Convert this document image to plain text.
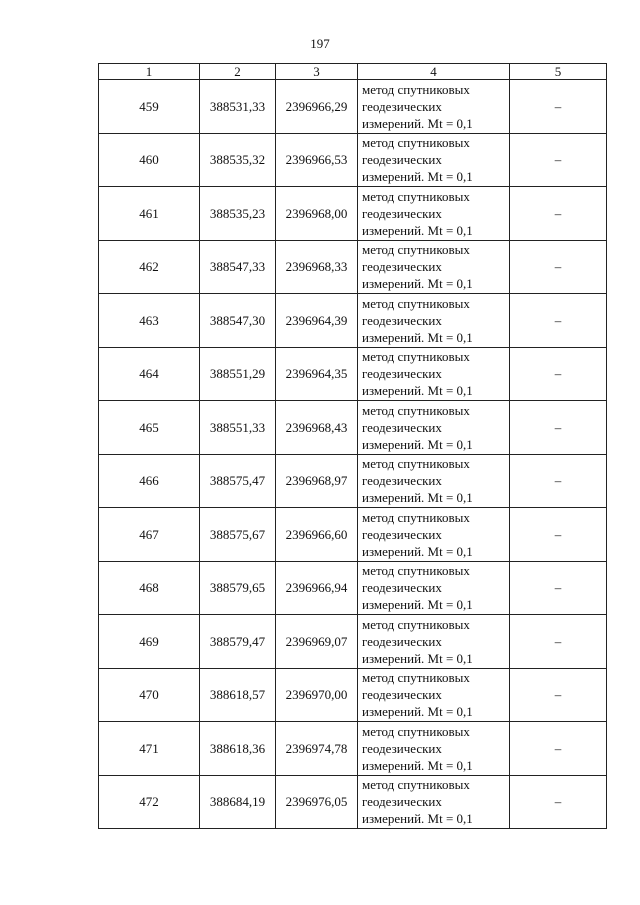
197
1	2	3	4	5
459	388531,33	2396966,29	метод спутниковых
геодезических
измерений. Mt = 0,1	–
460	388535,32	2396966,53	метод спутниковых
геодезических
измерений. Mt = 0,1	–
461	388535,23	2396968,00	метод спутниковых
геодезических
измерений. Mt = 0,1	–
462	388547,33	2396968,33	метод спутниковых
геодезических
измерений. Mt = 0,1	–
463	388547,30	2396964,39	метод спутниковых
геодезических
измерений. Mt = 0,1	–
464	388551,29	2396964,35	метод спутниковых
геодезических
измерений. Mt = 0,1	–
465	388551,33	2396968,43	метод спутниковых
геодезических
измерений. Mt = 0,1	–
466	388575,47	2396968,97	метод спутниковых
геодезических
измерений. Mt = 0,1	–
467	388575,67	2396966,60	метод спутниковых
геодезических
измерений. Mt = 0,1	–
468	388579,65	2396966,94	метод спутниковых
геодезических
измерений. Mt = 0,1	–
469	388579,47	2396969,07	метод спутниковых
геодезических
измерений. Mt = 0,1	–
470	388618,57	2396970,00	метод спутниковых
геодезических
измерений. Mt = 0,1	–
471	388618,36	2396974,78	метод спутниковых
геодезических
измерений. Mt = 0,1	–
472	388684,19	2396976,05	метод спутниковых
геодезических
измерений. Mt = 0,1	–
